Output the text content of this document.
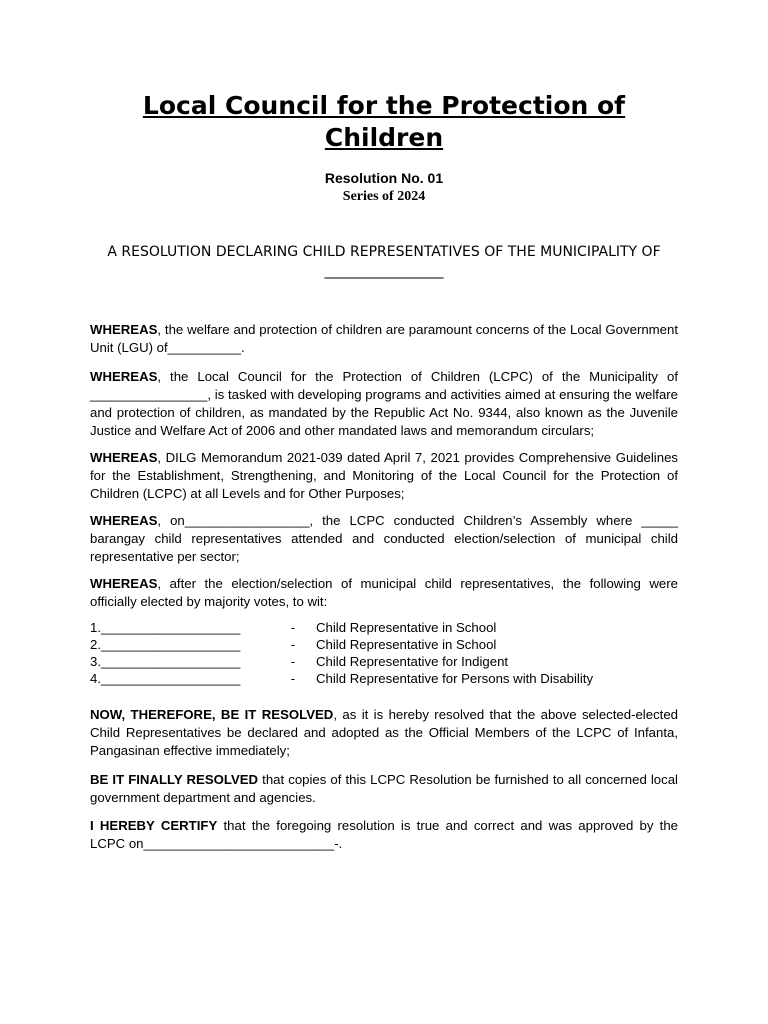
Local Council for the Protection of Children
Resolution No. 01
Series of 2024
A RESOLUTION DECLARING CHILD REPRESENTATIVES OF THE MUNICIPALITY OF _________________

WHEREAS, the welfare and protection of children are paramount concerns of the Local Government Unit (LGU) of__________.

WHEREAS, the Local Council for the Protection of Children (LCPC) of the Municipality of ________________, is tasked with developing programs and activities aimed at ensuring the welfare and protection of children, as mandated by the Republic Act No. 9344, also known as the Juvenile Justice and Welfare Act of 2006 and other mandated laws and memorandum circulars;

WHEREAS, DILG Memorandum 2021-039 dated April 7, 2021 provides Comprehensive Guidelines for the Establishment, Strengthening, and Monitoring of the Local Council for the Protection of Children (LCPC) at all Levels and for Other Purposes;

WHEREAS, on_________________, the LCPC conducted Children’s Assembly where _____ barangay child representatives attended and conducted election/selection of municipal child representative per sector;

WHEREAS, after the election/selection of municipal child representatives, the following were officially elected by majority votes, to wit:

1.___________________	-	Child Representative in School
2.___________________	-	Child Representative in School
3.___________________	-	Child Representative for Indigent
4.___________________	-	Child Representative for Persons with Disability

NOW, THEREFORE, BE IT RESOLVED, as it is hereby resolved that the above selected-elected Child Representatives be declared and adopted as the Official Members of the LCPC of Infanta, Pangasinan effective immediately;

BE IT FINALLY RESOLVED that copies of this LCPC Resolution be furnished to all concerned local government department and agencies.

I HEREBY CERTIFY that the foregoing resolution is true and correct and was approved by the LCPC on__________________________-.
